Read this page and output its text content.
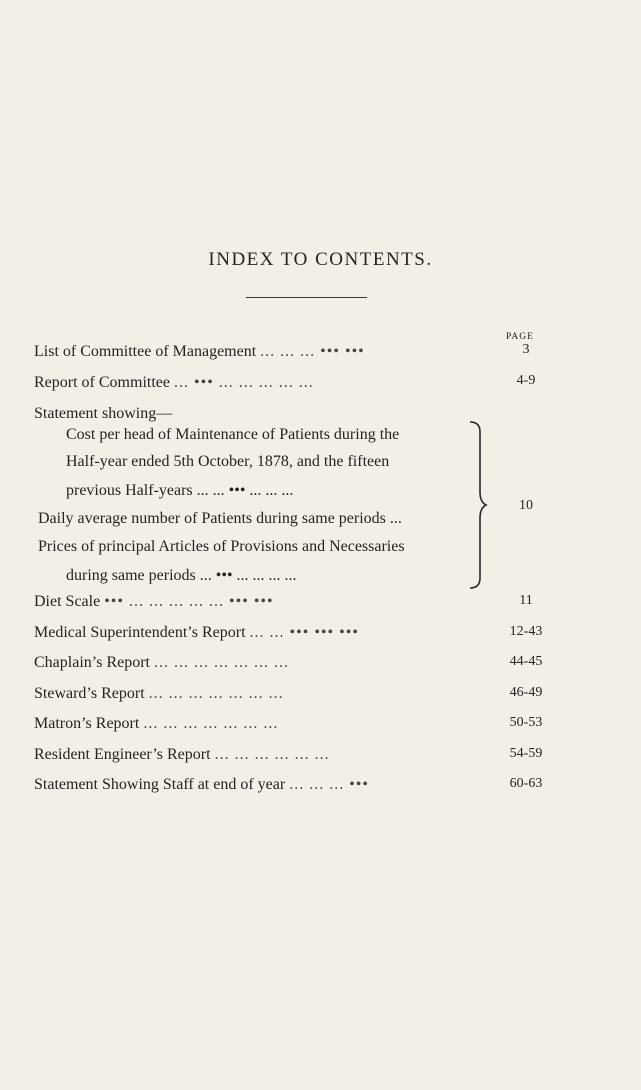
INDEX TO CONTENTS.
PAGE
List of Committee of Management ... ... ... ••• •••	3
Report of Committee ... ••• ... ... ... ... ...	4-9
Statement showing—
Cost per head of Maintenance of Patients during the
Half-year ended 5th October, 1878, and the fifteen
previous Half-years ... ... ••• ... ... ...
Daily average number of Patients during same periods ...
Prices of principal Articles of Provisions and Necessaries
during same periods ... ••• ... ... ... ...
10
Diet Scale ••• ... ... ... ... ... ••• •••	11
Medical Superintendent’s Report ... ... ••• ••• •••	12-43
Chaplain’s Report ... ... ... ... ... ... ...	44-45
Steward’s Report ... ... ... ... ... ... ...	46-49
Matron’s Report ... ... ... ... ... ... ...	50-53
Resident Engineer’s Report ... ... ... ... ... ...	54-59
Statement Showing Staff at end of year ... ... ... •••	60-63
